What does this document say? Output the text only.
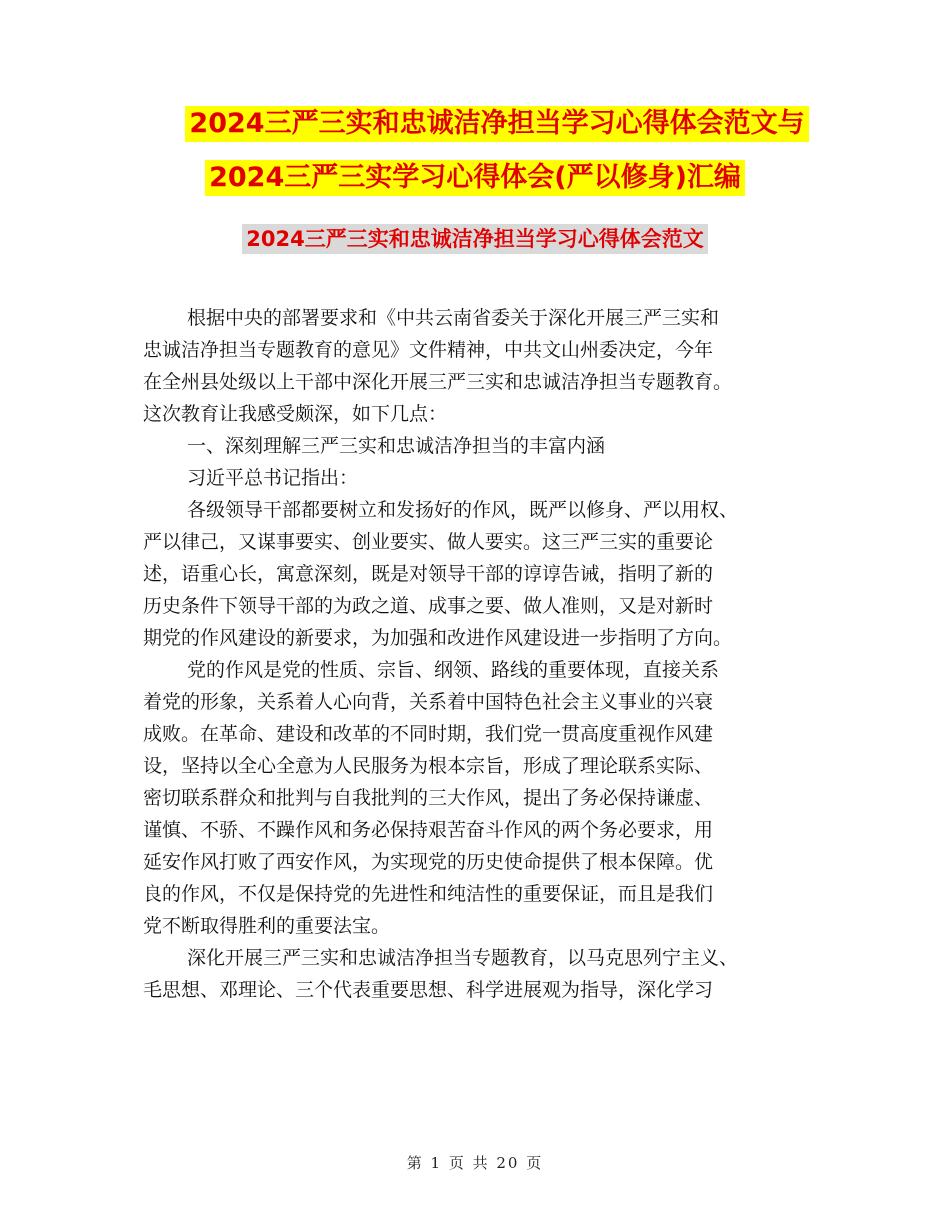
2024三严三实和忠诚洁净担当学习心得体会范文与
2024三严三实学习心得体会(严以修身)汇编
2024三严三实和忠诚洁净担当学习心得体会范文
根据中央的部署要求和《中共云南省委关于深化开展三严三实和
忠诚洁净担当专题教育的意见》文件精神，中共文山州委决定，今年
在全州县处级以上干部中深化开展三严三实和忠诚洁净担当专题教育。
这次教育让我感受颇深，如下几点：
一、深刻理解三严三实和忠诚洁净担当的丰富内涵
习近平总书记指出：
各级领导干部都要树立和发扬好的作风，既严以修身、严以用权、
严以律己，又谋事要实、创业要实、做人要实。这三严三实的重要论
述，语重心长，寓意深刻，既是对领导干部的谆谆告诫，指明了新的
历史条件下领导干部的为政之道、成事之要、做人准则，又是对新时
期党的作风建设的新要求，为加强和改进作风建设进一步指明了方向。
党的作风是党的性质、宗旨、纲领、路线的重要体现，直接关系
着党的形象，关系着人心向背，关系着中国特色社会主义事业的兴衰
成败。在革命、建设和改革的不同时期，我们党一贯高度重视作风建
设，坚持以全心全意为人民服务为根本宗旨，形成了理论联系实际、
密切联系群众和批判与自我批判的三大作风，提出了务必保持谦虚、
谨慎、不骄、不躁作风和务必保持艰苦奋斗作风的两个务必要求，用
延安作风打败了西安作风，为实现党的历史使命提供了根本保障。优
良的作风，不仅是保持党的先进性和纯洁性的重要保证，而且是我们
党不断取得胜利的重要法宝。
深化开展三严三实和忠诚洁净担当专题教育，以马克思列宁主义、
毛思想、邓理论、三个代表重要思想、科学进展观为指导，深化学习
第 1 页 共 20 页
